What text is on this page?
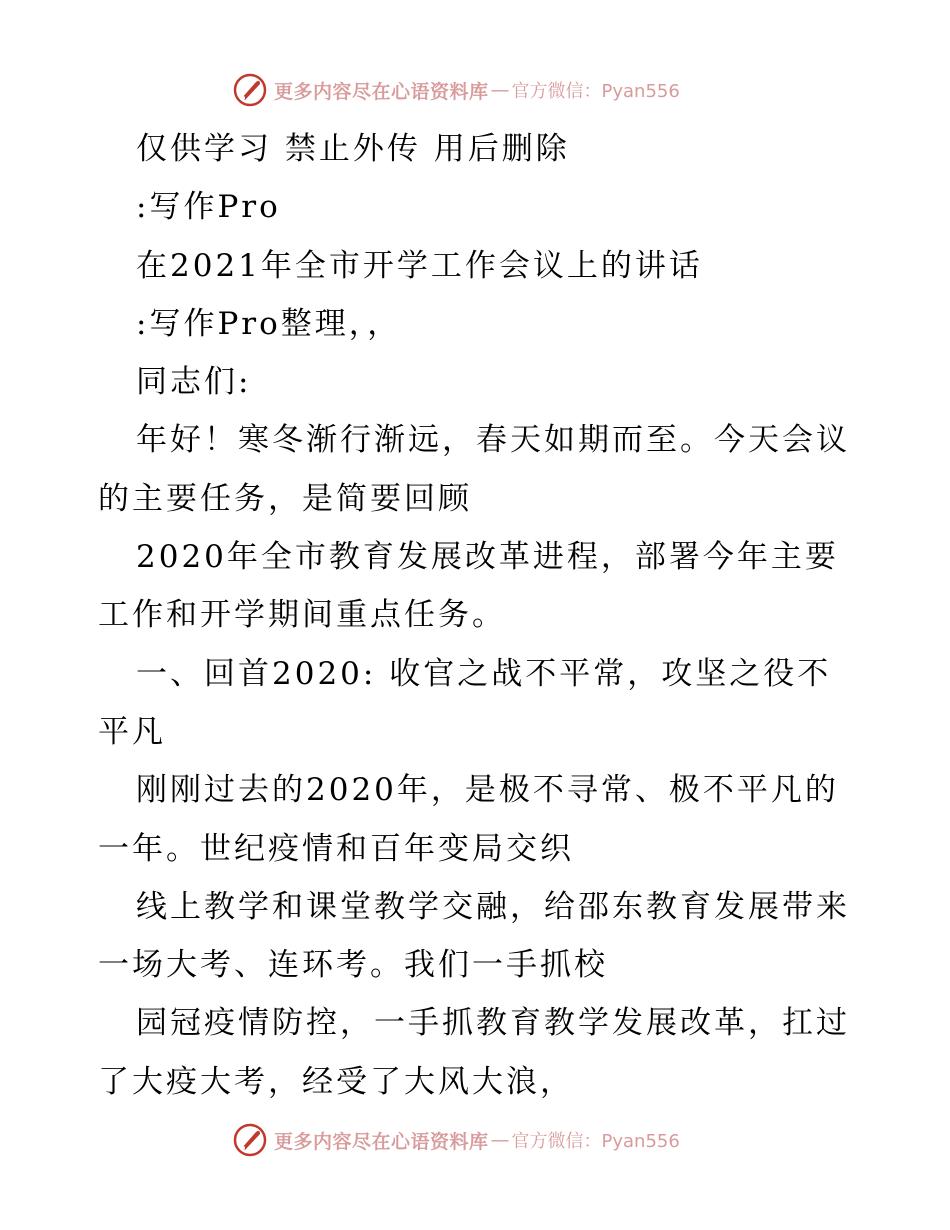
更多内容尽在心语资料库 — 官方微信：Pyan556
仅供学习 禁止外传 用后删除
:写作Pro
在2021年全市开学工作会议上的讲话
:写作Pro整理，，
同志们:
年好！寒冬渐行渐远，春天如期而至。今天会议
的主要任务，是简要回顾
2020年全市教育发展改革进程，部署今年主要
工作和开学期间重点任务。
一、回首2020: 收官之战不平常，攻坚之役不
平凡
刚刚过去的2020年，是极不寻常、极不平凡的
一年。世纪疫情和百年变局交织
线上教学和课堂教学交融，给邵东教育发展带来
一场大考、连环考。我们一手抓校
园冠疫情防控，一手抓教育教学发展改革，扛过
了大疫大考，经受了大风大浪，
更多内容尽在心语资料库 — 官方微信：Pyan556
